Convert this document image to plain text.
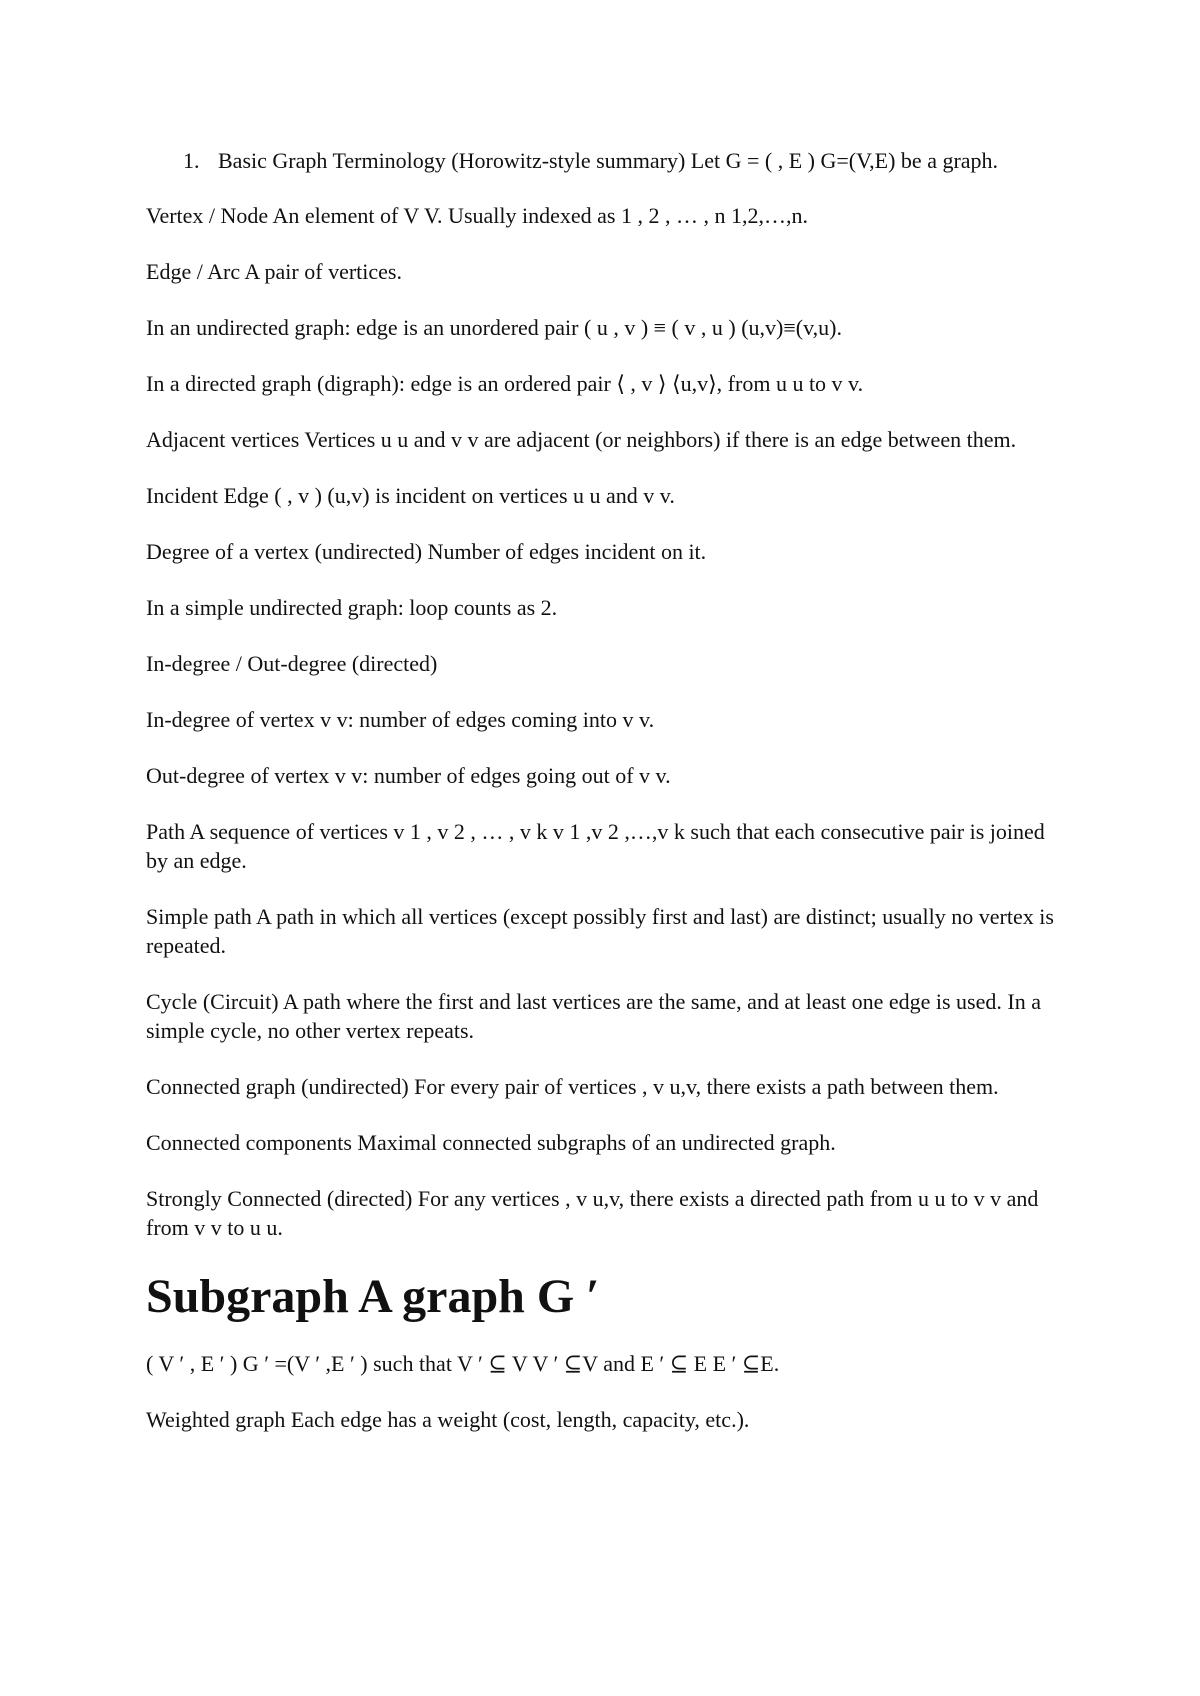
1. Basic Graph Terminology (Horowitz-style summary) Let G = ( , E ) G=(V,E) be a graph.

Vertex / Node An element of V V. Usually indexed as 1 , 2 , … , n 1,2,…,n.

Edge / Arc A pair of vertices.

In an undirected graph: edge is an unordered pair ( u , v ) ≡ ( v , u ) (u,v)≡(v,u).

In a directed graph (digraph): edge is an ordered pair ⟨ , v ⟩ ⟨u,v⟩, from u u to v v.

Adjacent vertices Vertices u u and v v are adjacent (or neighbors) if there is an edge between them.

Incident Edge ( , v ) (u,v) is incident on vertices u u and v v.

Degree of a vertex (undirected) Number of edges incident on it.

In a simple undirected graph: loop counts as 2.

In-degree / Out-degree (directed)

In-degree of vertex v v: number of edges coming into v v.

Out-degree of vertex v v: number of edges going out of v v.

Path A sequence of vertices v 1 , v 2 , … , v k v 1 ,v 2 ,…,v k such that each consecutive pair is joined by an edge.

Simple path A path in which all vertices (except possibly first and last) are distinct; usually no vertex is repeated.

Cycle (Circuit) A path where the first and last vertices are the same, and at least one edge is used. In a simple cycle, no other vertex repeats.

Connected graph (undirected) For every pair of vertices , v u,v, there exists a path between them.

Connected components Maximal connected subgraphs of an undirected graph.

Strongly Connected (directed) For any vertices , v u,v, there exists a directed path from u u to v v and from v v to u u.

Subgraph A graph G ′

( V ′ , E ′ ) G ′ =(V ′ ,E ′ ) such that V ′ ⊆ V V ′ ⊆V and E ′ ⊆ E E ′ ⊆E.

Weighted graph Each edge has a weight (cost, length, capacity, etc.).
